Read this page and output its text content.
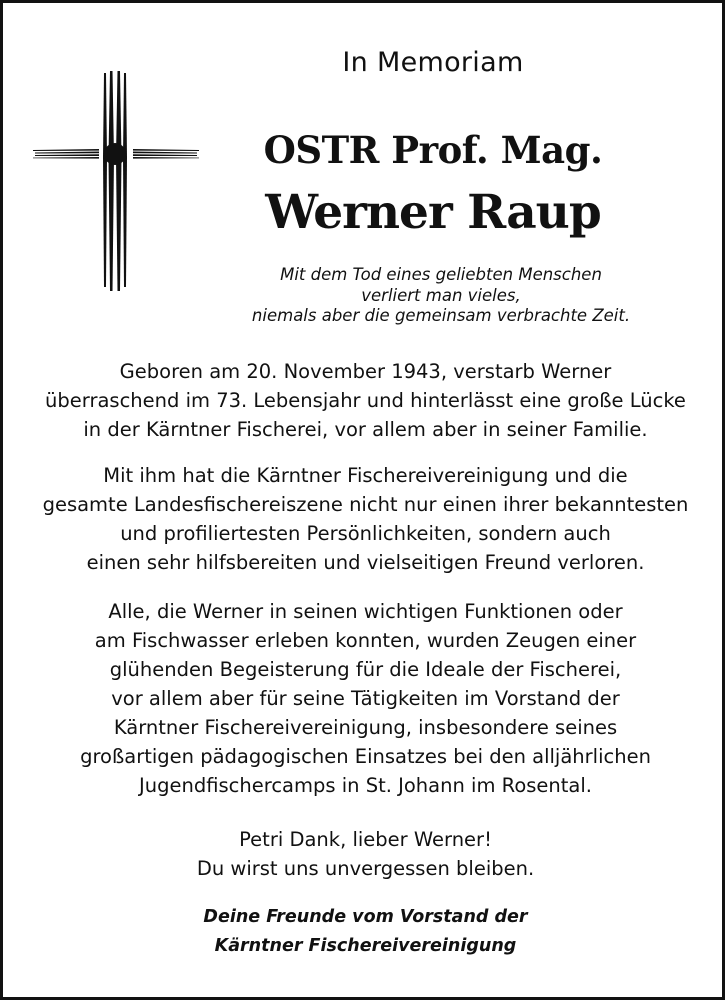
In Memoriam
OSTR Prof. Mag.
Werner Raup
Mit dem Tod eines geliebten Menschen
verliert man vieles,
niemals aber die gemeinsam verbrachte Zeit.
Geboren am 20. November 1943, verstarb Werner
überraschend im 73. Lebensjahr und hinterlässt eine große Lücke
in der Kärntner Fischerei, vor allem aber in seiner Familie.
Mit ihm hat die Kärntner Fischereivereinigung und die
gesamte Landesfischereiszene nicht nur einen ihrer bekanntesten
und profiliertesten Persönlichkeiten, sondern auch
einen sehr hilfsbereiten und vielseitigen Freund verloren.
Alle, die Werner in seinen wichtigen Funktionen oder
am Fischwasser erleben konnten, wurden Zeugen einer
glühenden Begeisterung für die Ideale der Fischerei,
vor allem aber für seine Tätigkeiten im Vorstand der
Kärntner Fischereivereinigung, insbesondere seines
großartigen pädagogischen Einsatzes bei den alljährlichen
Jugendfischercamps in St. Johann im Rosental.
Petri Dank, lieber Werner!
Du wirst uns unvergessen bleiben.
Deine Freunde vom Vorstand der
Kärntner Fischereivereinigung
